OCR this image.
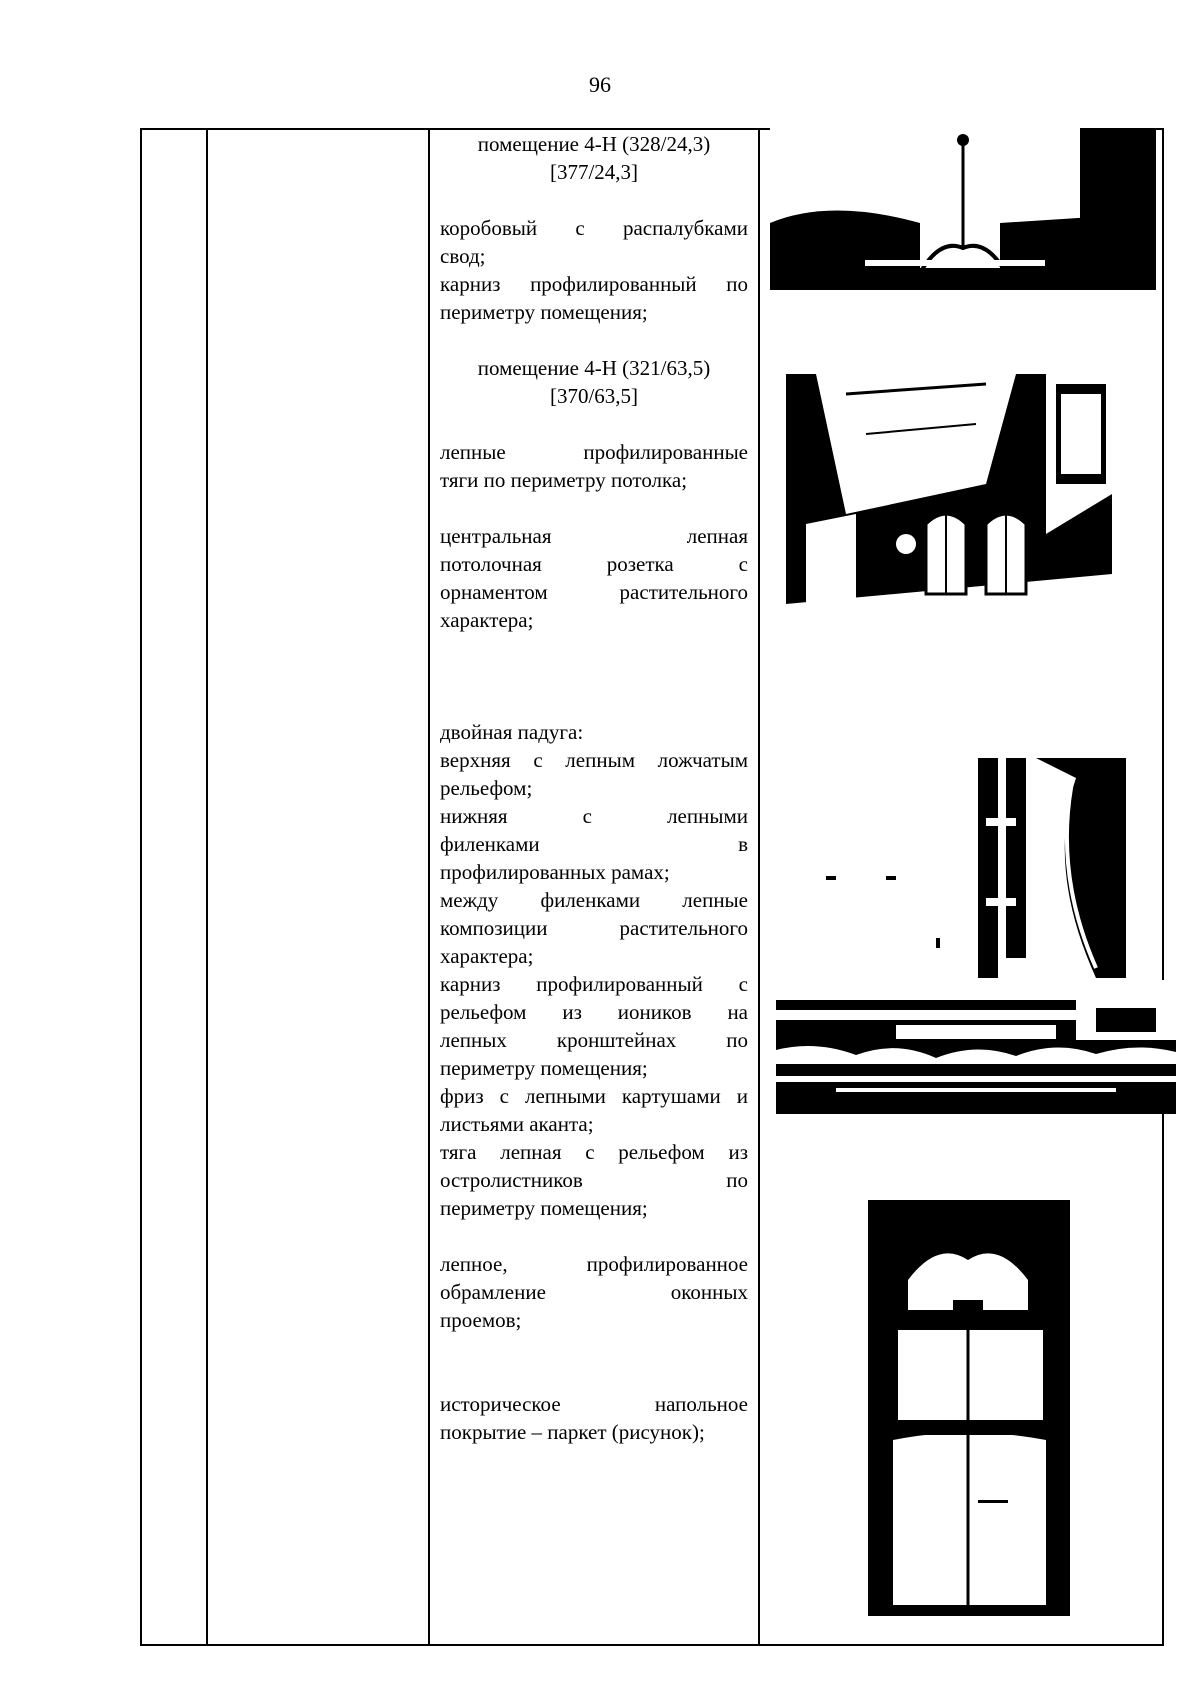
96

помещение 4-Н (328/24,3)

[377/24,3]

коробовый с распалубками
свод;
карниз профилированный по
периметру помещения;

помещение 4-Н (321/63,5)

[370/63,5]

лепные профилированные
тяги по периметру потолка;
центральная лепная
потолочная розетка с
орнаментом растительного
характера;
двойная падуга:
верхняя с лепным ложчатым
рельефом;
нижняя с лепными
филенками в
профилированных рамах;
между филенками лепные
композиции растительного
характера;
карниз профилированный с
рельефом из иоников на
лепных кронштейнах по
периметру помещения;
фриз с лепными картушами и
листьями аканта;
тяга лепная с рельефом из
остролистников по
периметру помещения;
лепное, профилированное
обрамление оконных
проемов;
историческое напольное
покрытие – паркет (рисунок);
